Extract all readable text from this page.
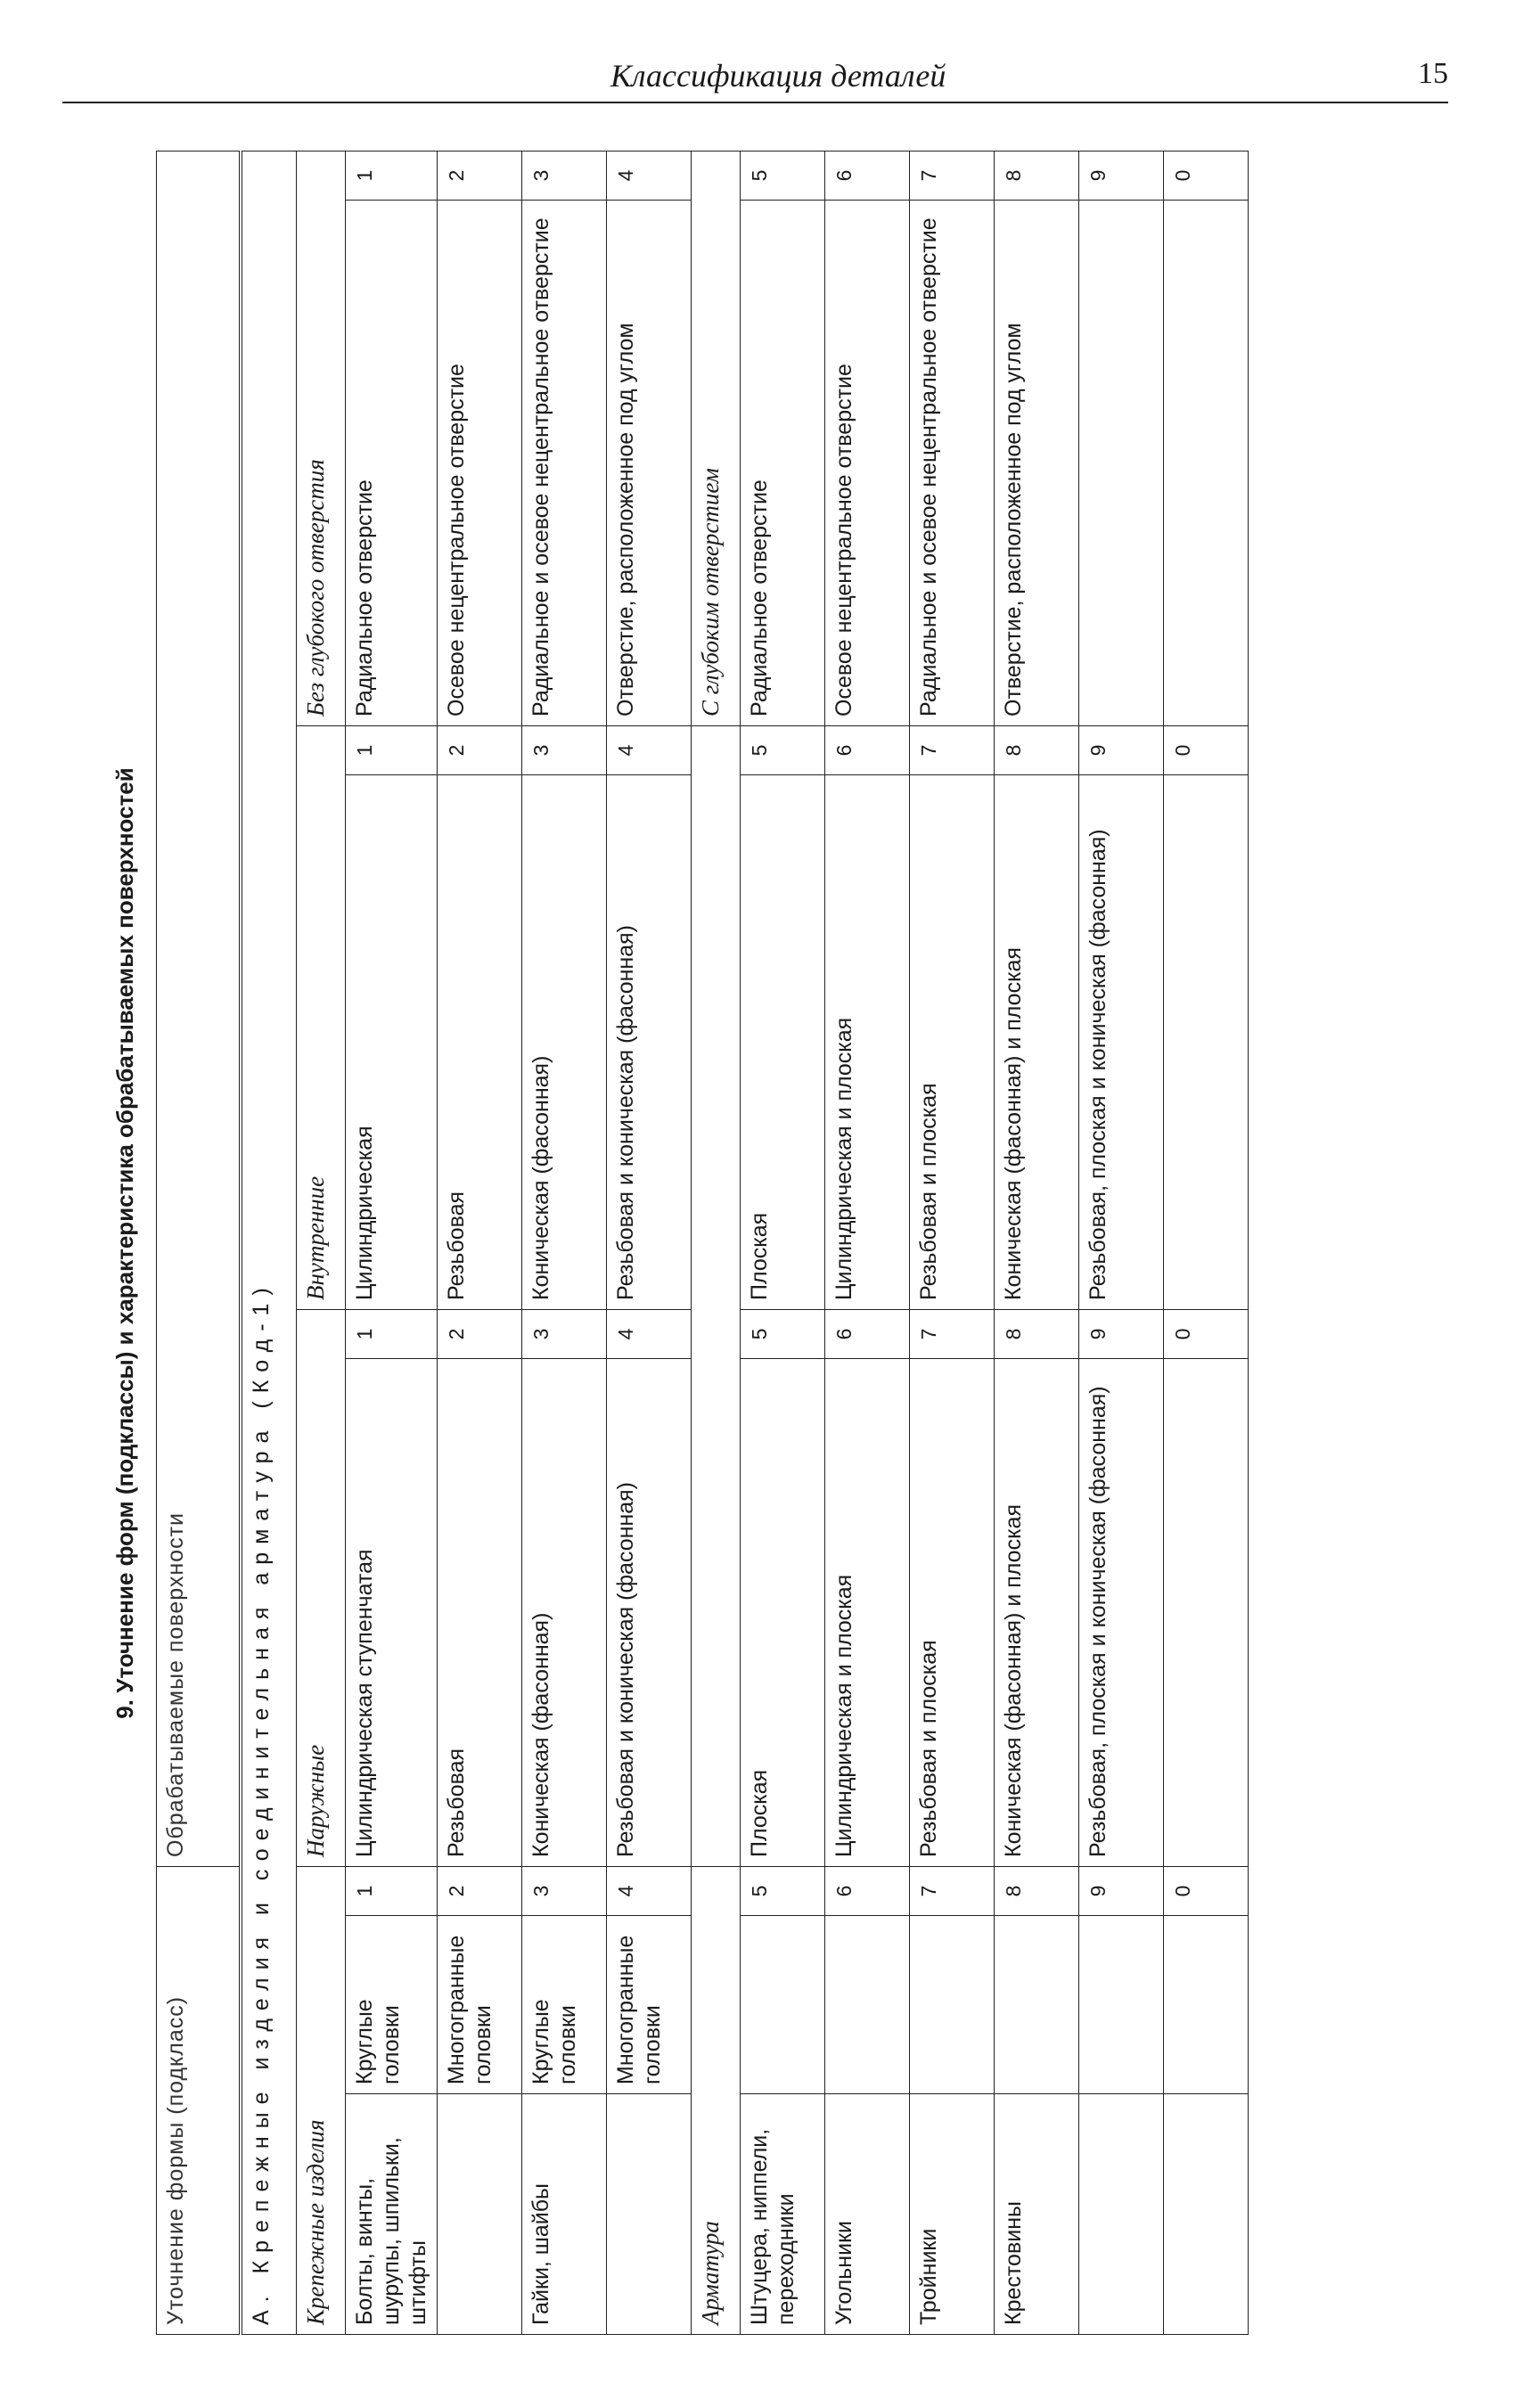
Классификация деталей	15
9. Уточнение форм (подклассы) и характеристика обрабатываемых поверхностей
Уточнение формы (подкласс)			Обрабатываемые поверхности					
А. Крепежные изделия и соединительная арматура (Код-1)								
Крепежные изделия			Наружные		Внутренние		Без глубокого отверстия	
Болты, винты, шурупы, шпильки, штифты	Круглые головки	1	Цилиндрическая ступенчатая	1	Цилиндрическая	1	Радиальное отверстие	1
	Многогранные головки	2	Резьбовая	2	Резьбовая	2	Осевое нецентральное отверстие	2
Гайки, шайбы	Круглые головки	3	Коническая (фасонная)	3	Коническая (фасонная)	3	Радиальное и осевое нецентральное отверстие	3
	Многогранные головки	4	Резьбовая и коническая (фасонная)	4	Резьбовая и коническая (фасонная)	4	Отверстие, расположенное под углом	4
Арматура							С глубоким отверстием	
Штуцера, ниппели, переходники		5	Плоская	5	Плоская	5	Радиальное отверстие	5
Угольники		6	Цилиндрическая и плоская	6	Цилиндрическая и плоская	6	Осевое нецентральное отверстие	6
Тройники		7	Резьбовая и плоская	7	Резьбовая и плоская	7	Радиальное и осевое нецентральное отверстие	7
Крестовины		8	Коническая (фасонная) и плоская	8	Коническая (фасонная) и плоская	8	Отверстие, расположенное под углом	8
		9	Резьбовая, плоская и коническая (фасонная)	9	Резьбовая, плоская и коническая (фасонная)	9		9
		0		0		0		0
